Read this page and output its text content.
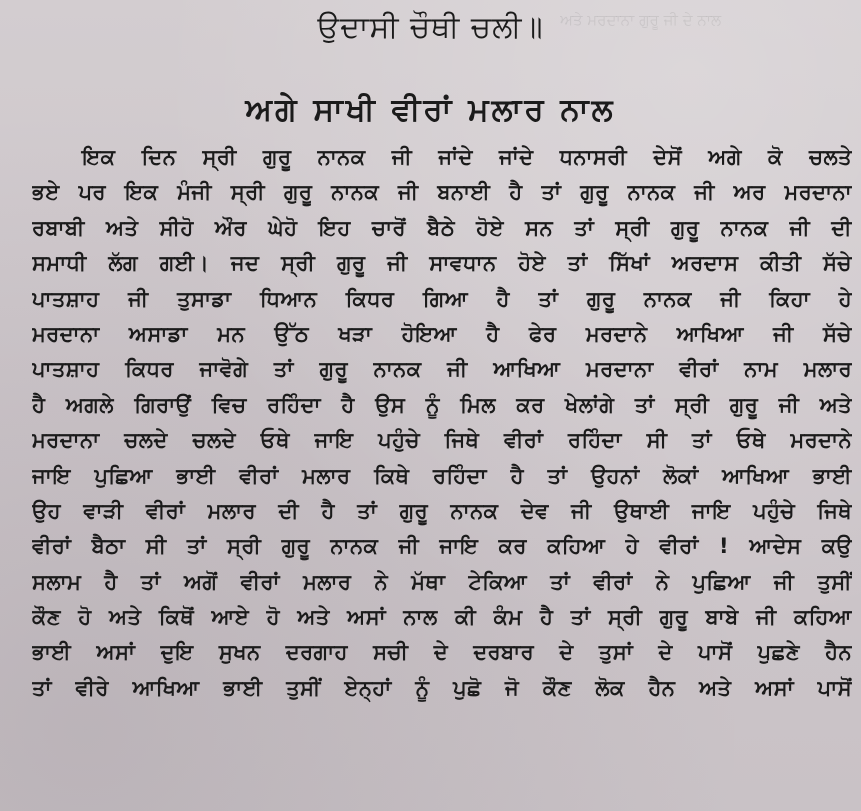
ਅਤੇ ਮਰਦਾਨਾ ਗੁਰੂ ਜੀ ਦੇ ਨਾਲ
ਉਦਾਸੀ ਚੌਥੀ ਚਲੀ॥
ਅਗੇ ਸਾਖੀ ਵੀਰਾਂ ਮਲਾਰ ਨਾਲ
ਇਕ ਦਿਨ ਸ੍ਰੀ ਗੁਰੂ ਨਾਨਕ ਜੀ ਜਾਂਦੇ ਜਾਂਦੇ ਧਨਾਸਰੀ ਦੇਸੋਂ ਅਗੇ ਕੋ ਚਲਤੇ
ਭਏ ਪਰ ਇਕ ਮੰਜੀ ਸ੍ਰੀ ਗੁਰੂ ਨਾਨਕ ਜੀ ਬਨਾਈ ਹੈ ਤਾਂ ਗੁਰੂ ਨਾਨਕ ਜੀ ਅਰ ਮਰਦਾਨਾ
ਰਬਾਬੀ ਅਤੇ ਸੀਹੋ ਔਰ ਘੇਹੋ ਇਹ ਚਾਰੋਂ ਬੈਠੇ ਹੋਏ ਸਨ ਤਾਂ ਸ੍ਰੀ ਗੁਰੂ ਨਾਨਕ ਜੀ ਦੀ
ਸਮਾਧੀ ਲੱਗ ਗਈ। ਜਦ ਸ੍ਰੀ ਗੁਰੂ ਜੀ ਸਾਵਧਾਨ ਹੋਏ ਤਾਂ ਸਿੱਖਾਂ ਅਰਦਾਸ ਕੀਤੀ ਸੱਚੇ
ਪਾਤਸ਼ਾਹ ਜੀ ਤੁਸਾਡਾ ਧਿਆਨ ਕਿਧਰ ਗਿਆ ਹੈ ਤਾਂ ਗੁਰੂ ਨਾਨਕ ਜੀ ਕਿਹਾ ਹੇ
ਮਰਦਾਨਾ ਅਸਾਡਾ ਮਨ ਉੱਠ ਖੜਾ ਹੋਇਆ ਹੈ ਫੇਰ ਮਰਦਾਨੇ ਆਖਿਆ ਜੀ ਸੱਚੇ
ਪਾਤਸ਼ਾਹ ਕਿਧਰ ਜਾਵੋਗੇ ਤਾਂ ਗੁਰੂ ਨਾਨਕ ਜੀ ਆਖਿਆ ਮਰਦਾਨਾ ਵੀਰਾਂ ਨਾਮ ਮਲਾਰ
ਹੈ ਅਗਲੇ ਗਿਰਾਉਂ ਵਿਚ ਰਹਿੰਦਾ ਹੈ ਉਸ ਨੂੰ ਮਿਲ ਕਰ ਖੇਲਾਂਗੇ ਤਾਂ ਸ੍ਰੀ ਗੁਰੂ ਜੀ ਅਤੇ
ਮਰਦਾਨਾ ਚਲਦੇ ਚਲਦੇ ਓਥੇ ਜਾਇ ਪਹੁੰਚੇ ਜਿਥੇ ਵੀਰਾਂ ਰਹਿੰਦਾ ਸੀ ਤਾਂ ਓਥੇ ਮਰਦਾਨੇ
ਜਾਇ ਪੁਛਿਆ ਭਾਈ ਵੀਰਾਂ ਮਲਾਰ ਕਿਥੇ ਰਹਿੰਦਾ ਹੈ ਤਾਂ ਉਹਨਾਂ ਲੋਕਾਂ ਆਖਿਆ ਭਾਈ
ਉਹ ਵਾੜੀ ਵੀਰਾਂ ਮਲਾਰ ਦੀ ਹੈ ਤਾਂ ਗੁਰੂ ਨਾਨਕ ਦੇਵ ਜੀ ਉਥਾਈ ਜਾਇ ਪਹੁੰਚੇ ਜਿਥੇ
ਵੀਰਾਂ ਬੈਠਾ ਸੀ ਤਾਂ ਸ੍ਰੀ ਗੁਰੂ ਨਾਨਕ ਜੀ ਜਾਇ ਕਰ ਕਹਿਆ ਹੇ ਵੀਰਾਂ ! ਆਦੇਸ ਕਉ
ਸਲਾਮ ਹੈ ਤਾਂ ਅਗੋਂ ਵੀਰਾਂ ਮਲਾਰ ਨੇ ਮੱਥਾ ਟੇਕਿਆ ਤਾਂ ਵੀਰਾਂ ਨੇ ਪੁਛਿਆ ਜੀ ਤੁਸੀਂ
ਕੌਣ ਹੋ ਅਤੇ ਕਿਥੋਂ ਆਏ ਹੋ ਅਤੇ ਅਸਾਂ ਨਾਲ ਕੀ ਕੰਮ ਹੈ ਤਾਂ ਸ੍ਰੀ ਗੁਰੂ ਬਾਬੇ ਜੀ ਕਹਿਆ
ਭਾਈ ਅਸਾਂ ਦੁਇ ਸੁਖਨ ਦਰਗਾਹ ਸਚੀ ਦੇ ਦਰਬਾਰ ਦੇ ਤੁਸਾਂ ਦੇ ਪਾਸੋਂ ਪੁਛਣੇ ਹੈਨ
ਤਾਂ ਵੀਰੇ ਆਖਿਆ ਭਾਈ ਤੁਸੀਂ ਏਨ੍ਹਾਂ ਨੂੰ ਪੁਛੋ ਜੋ ਕੌਣ ਲੋਕ ਹੈਨ ਅਤੇ ਅਸਾਂ ਪਾਸੋਂ
